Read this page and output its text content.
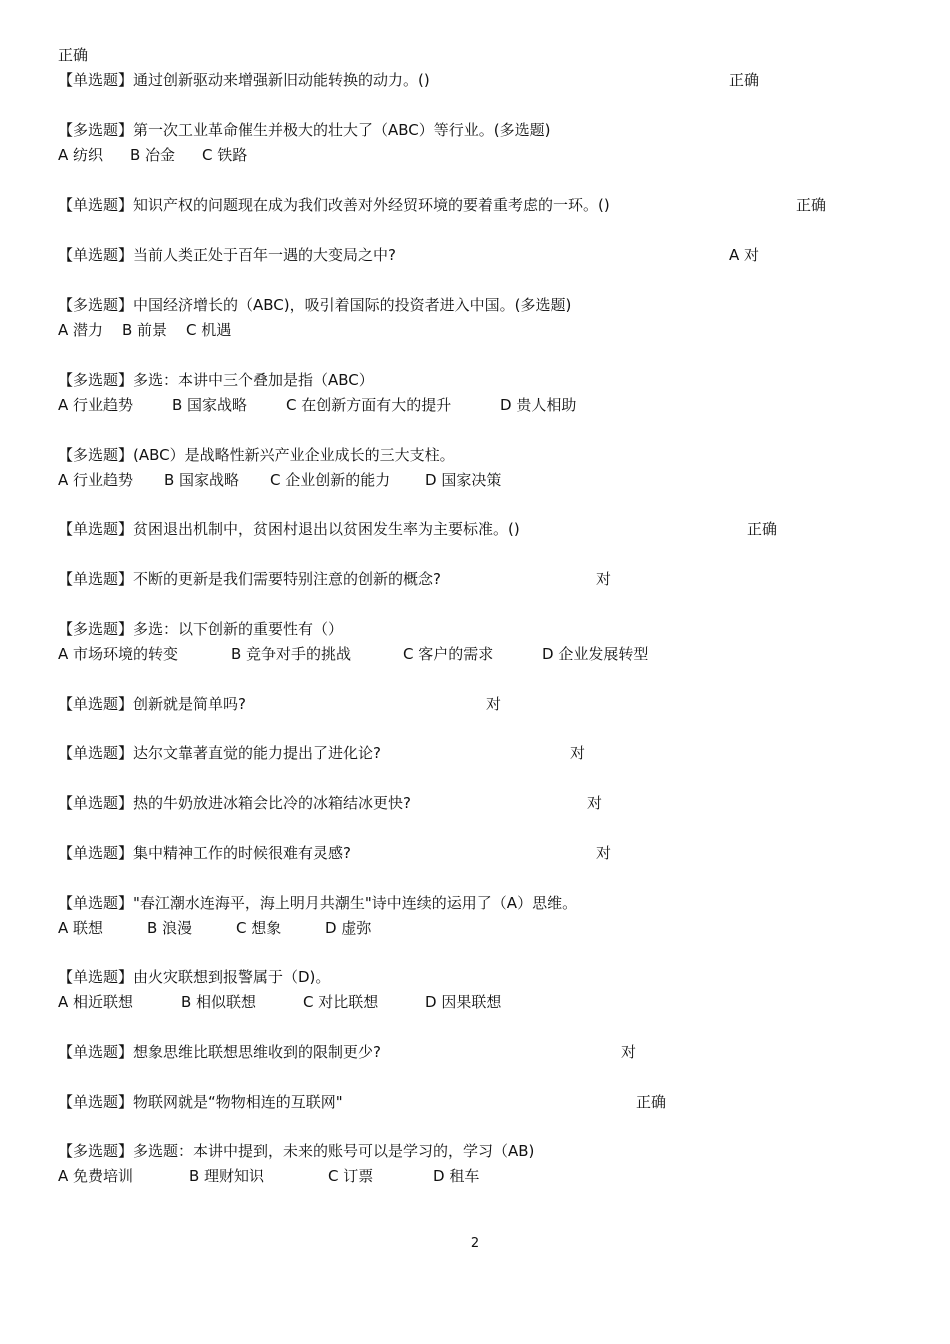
正确
【单选题】通过创新驱动来增强新旧动能转换的动力。()	正确
【多选题】第一次工业革命催生并极大的壮大了（ABC）等行业。(多选题)
A 纺织 B 冶金 C 铁路
【单选题】知识产权的问题现在成为我们改善对外经贸环境的要着重考虑的一环。()	正确
【单选题】当前人类正处于百年一遇的大变局之中?	A 对
【多选题】中国经济增长的（ABC)，吸引着国际的投资者进入中国。(多选题)
A 潜力 B 前景 C 机遇
【多选题】多选：本讲中三个叠加是指（ABC）
A 行业趋势	B 国家战略	C 在创新方面有大的提升	D 贵人相助
【多选题】(ABC）是战略性新兴产业企业成长的三大支柱。
A 行业趋势 B 国家战略 C 企业创新的能力 D 国家决策
【单选题】贫困退出机制中，贫困村退出以贫困发生率为主要标准。()	正确
【单选题】不断的更新是我们需要特别注意的创新的概念?	对
【多选题】多选：以下创新的重要性有（）
A 市场环境的转变	B 竞争对手的挑战	C 客户的需求	D 企业发展转型
【单选题】创新就是简单吗?	对
【单选题】达尔文靠著直觉的能力提出了进化论?	对
【单选题】热的牛奶放进冰箱会比冷的冰箱结冰更快?	对
【单选题】集中精神工作的时候很难有灵感?	对
【单选题】"春江潮水连海平，海上明月共潮生"诗中连续的运用了（A）思维。
A 联想	B 浪漫	C 想象	D 虚弥
【单选题】由火灾联想到报警属于（D)。
A 相近联想	B 相似联想	C 对比联想	D 因果联想
【单选题】想象思维比联想思维收到的限制更少?	对
【单选题】物联网就是“物物相连的互联网"	正确
【多选题】多选题：本讲中提到，未来的账号可以是学习的，学习（AB)
A 免费培训	B 理财知识	C 订票	D 租车
2
